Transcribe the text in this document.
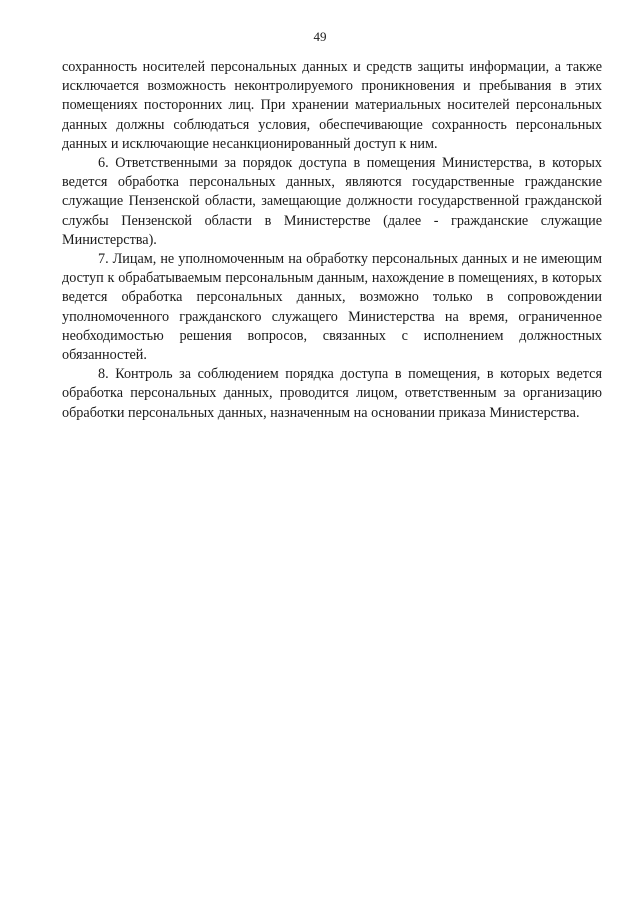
49

сохранность носителей персональных данных и средств защиты информации, а также исключается возможность неконтролируемого проникновения и пребывания в этих помещениях посторонних лиц. При хранении материальных носителей персональных данных должны соблюдаться условия, обеспечивающие сохранность персональных данных и исключающие несанкционированный доступ к ним.

6. Ответственными за порядок доступа в помещения Министерства, в которых ведется обработка персональных данных, являются государственные гражданские служащие Пензенской области, замещающие должности государственной гражданской службы Пензенской области в Министерстве (далее - гражданские служащие Министерства).

7. Лицам, не уполномоченным на обработку персональных данных и не имеющим доступ к обрабатываемым персональным данным, нахождение в помещениях, в которых ведется обработка персональных данных, возможно только в сопровождении уполномоченного гражданского служащего Министерства на время, ограниченное необходимостью решения вопросов, связанных с исполнением должностных обязанностей.

8. Контроль за соблюдением порядка доступа в помещения, в которых ведется обработка персональных данных, проводится лицом, ответственным за организацию обработки персональных данных, назначенным на основании приказа Министерства.
